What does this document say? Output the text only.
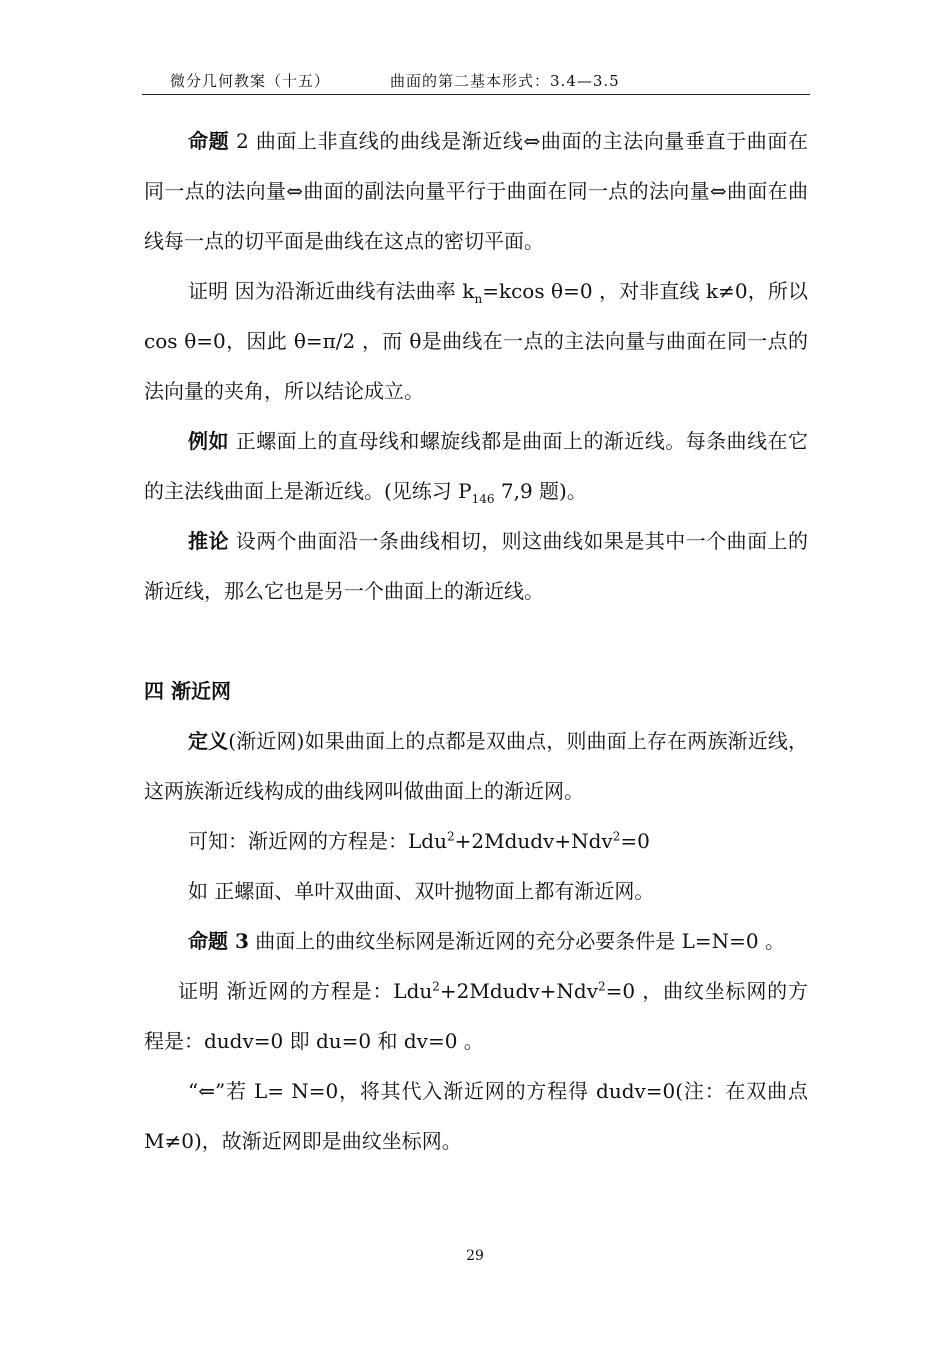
微分几何教案（十五）	曲面的第二基本形式：3.4—3.5

命题 2 曲面上非直线的曲线是渐近线⇔曲面的主法向量垂直于曲面在同一点的法向量⇔曲面的副法向量平行于曲面在同一点的法向量⇔曲面在曲线每一点的切平面是曲线在这点的密切平面。

证明 因为沿渐近曲线有法曲率 $k_n=kcos$ θ=0 ，对非直线 k≠0，所以 cos θ=0，因此 θ=π/2 ，而 θ是曲线在一点的主法向量与曲面在同一点的法向量的夹角，所以结论成立。

例如 正螺面上的直母线和螺旋线都是曲面上的渐近线。每条曲线在它的主法线曲面上是渐近线。(见练习 $P_{146}$ 7,9 题)。

推论 设两个曲面沿一条曲线相切，则这曲线如果是其中一个曲面上的渐近线，那么它也是另一个曲面上的渐近线。

四 渐近网

定义(渐近网)如果曲面上的点都是双曲点，则曲面上存在两族渐近线，这两族渐近线构成的曲线网叫做曲面上的渐近网。

可知：渐近网的方程是：Ldu$^2$+2Mdudv+Ndv$^2$=0

如 正螺面、单叶双曲面、双叶抛物面上都有渐近网。

命题 3 曲面上的曲纹坐标网是渐近网的充分必要条件是 L=N=0 。

证明 渐近网的方程是：Ldu$^2$+2Mdudv+Ndv$^2$=0 ，曲纹坐标网的方程是：dudv=0 即 du=0 和 dv=0 。

“⇐”若 L= N=0，将其代入渐近网的方程得 dudv=0(注：在双曲点 M≠0)，故渐近网即是曲纹坐标网。

29
